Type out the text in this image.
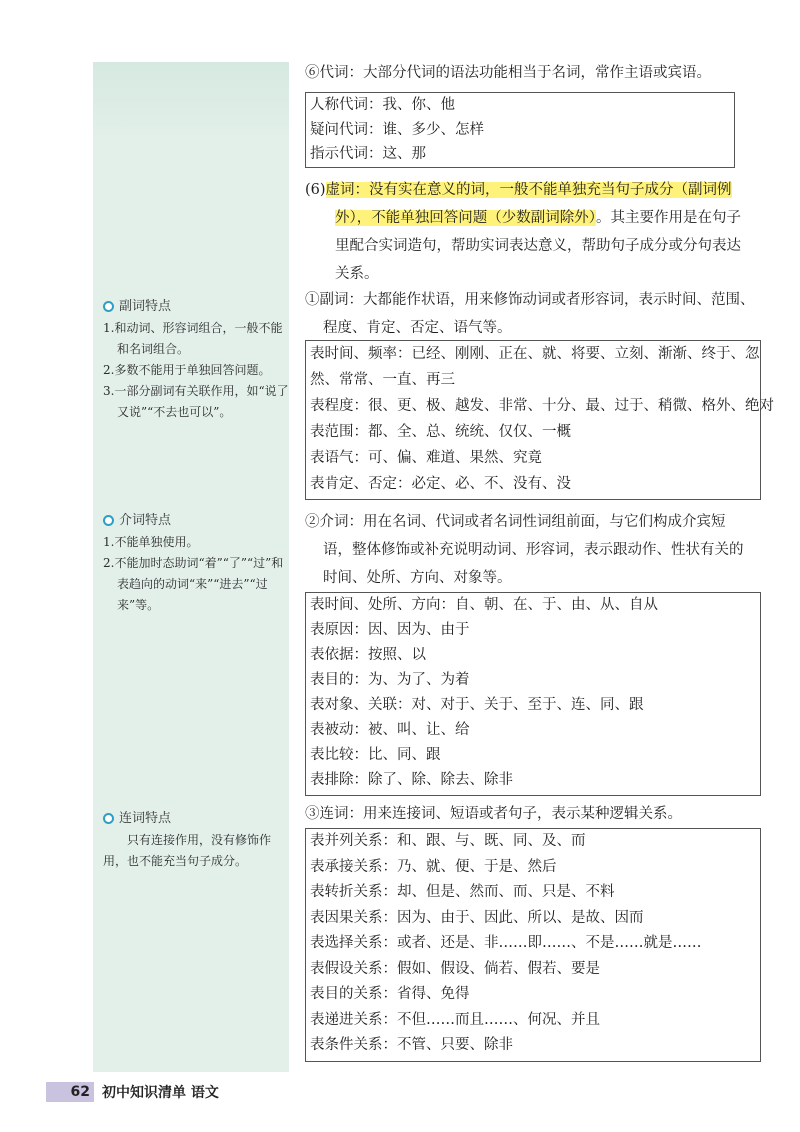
副词特点
1.和动词、形容词组合，一般不能和名词组合。
2.多数不能用于单独回答问题。
3.一部分副词有关联作用，如“说了又说”“不去也可以”。
介词特点
1.不能单独使用。
2.不能加时态助词“着”“了”“过”和表趋向的动词“来”“进去”“过来”等。
连词特点
只有连接作用，没有修饰作用，也不能充当句子成分。
⑥代词：大部分代词的语法功能相当于名词，常作主语或宾语。
人称代词：我、你、他
疑问代词：谁、多少、怎样
指示代词：这、那
(6)虚词：没有实在意义的词，一般不能单独充当句子成分（副词例
外），不能单独回答问题（少数副词除外）。其主要作用是在句子
里配合实词造句，帮助实词表达意义，帮助句子成分或分句表达
关系。
①副词：大都能作状语，用来修饰动词或者形容词，表示时间、范围、
程度、肯定、否定、语气等。
表时间、频率：已经、刚刚、正在、就、将要、立刻、渐渐、终于、忽
然、常常、一直、再三
表程度：很、更、极、越发、非常、十分、最、过于、稍微、格外、绝对
表范围：都、全、总、统统、仅仅、一概
表语气：可、偏、难道、果然、究竟
表肯定、否定：必定、必、不、没有、没
②介词：用在名词、代词或者名词性词组前面，与它们构成介宾短
语，整体修饰或补充说明动词、形容词，表示跟动作、性状有关的
时间、处所、方向、对象等。
表时间、处所、方向：自、朝、在、于、由、从、自从
表原因：因、因为、由于
表依据：按照、以
表目的：为、为了、为着
表对象、关联：对、对于、关于、至于、连、同、跟
表被动：被、叫、让、给
表比较：比、同、跟
表排除：除了、除、除去、除非
③连词：用来连接词、短语或者句子，表示某种逻辑关系。
表并列关系：和、跟、与、既、同、及、而
表承接关系：乃、就、便、于是、然后
表转折关系：却、但是、然而、而、只是、不料
表因果关系：因为、由于、因此、所以、是故、因而
表选择关系：或者、还是、非……即……、不是……就是……
表假设关系：假如、假设、倘若、假若、要是
表目的关系：省得、免得
表递进关系：不但……而且……、何况、并且
表条件关系：不管、只要、除非
62 初中知识清单 语文
